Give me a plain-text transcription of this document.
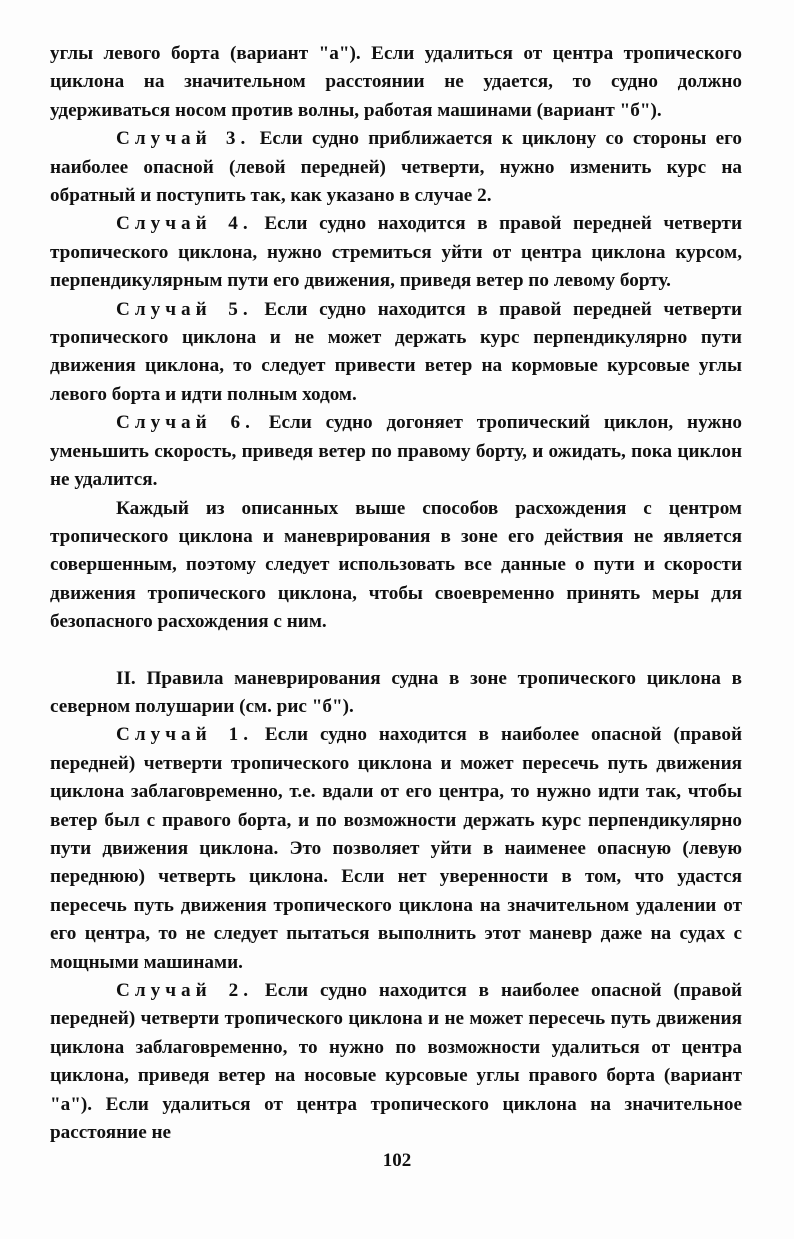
углы левого борта (вариант "а"). Если удалиться от центра тропического циклона на значительном расстоянии не удается, то судно должно удерживаться носом против волны, работая машинами (вариант "б").

Случай 3. Если судно приближается к циклону со стороны его наиболее опасной (левой передней) четверти, нужно изменить курс на обратный и поступить так, как указано в случае 2.

Случай 4. Если судно находится в правой передней четверти тропического циклона, нужно стремиться уйти от центра циклона курсом, перпендикулярным пути его движения, приведя ветер по левому борту.

Случай 5. Если судно находится в правой передней четверти тропического циклона и не может держать курс перпендикулярно пути движения циклона, то следует привести ветер на кормовые курсовые углы левого борта и идти полным ходом.

Случай 6. Если судно догоняет тропический циклон, нужно уменьшить скорость, приведя ветер по правому борту, и ожидать, пока циклон не удалится.

Каждый из описанных выше способов расхождения с центром тропического циклона и маневрирования в зоне его действия не является совершенным, поэтому следует использовать все данные о пути и скорости движения тропического циклона, чтобы своевременно принять меры для безопасного расхождения с ним.

II. Правила маневрирования судна в зоне тропического циклона в северном полушарии (см. рис "б").

Случай 1. Если судно находится в наиболее опасной (правой передней) четверти тропического циклона и может пересечь путь движения циклона заблаговременно, т.е. вдали от его центра, то нужно идти так, чтобы ветер был с правого борта, и по возможности держать курс перпендикулярно пути движения циклона. Это позволяет уйти в наименее опасную (левую переднюю) четверть циклона. Если нет уверенности в том, что удастся пересечь путь движения тропического циклона на значительном удалении от его центра, то не следует пытаться выполнить этот маневр даже на судах с мощными машинами.

Случай 2. Если судно находится в наиболее опасной (правой передней) четверти тропического циклона и не может пересечь путь движения циклона заблаговременно, то нужно по возможности удалиться от центра циклона, приведя ветер на носовые курсовые углы правого борта (вариант "а"). Если удалиться от центра тропического циклона на значительное расстояние не

102
